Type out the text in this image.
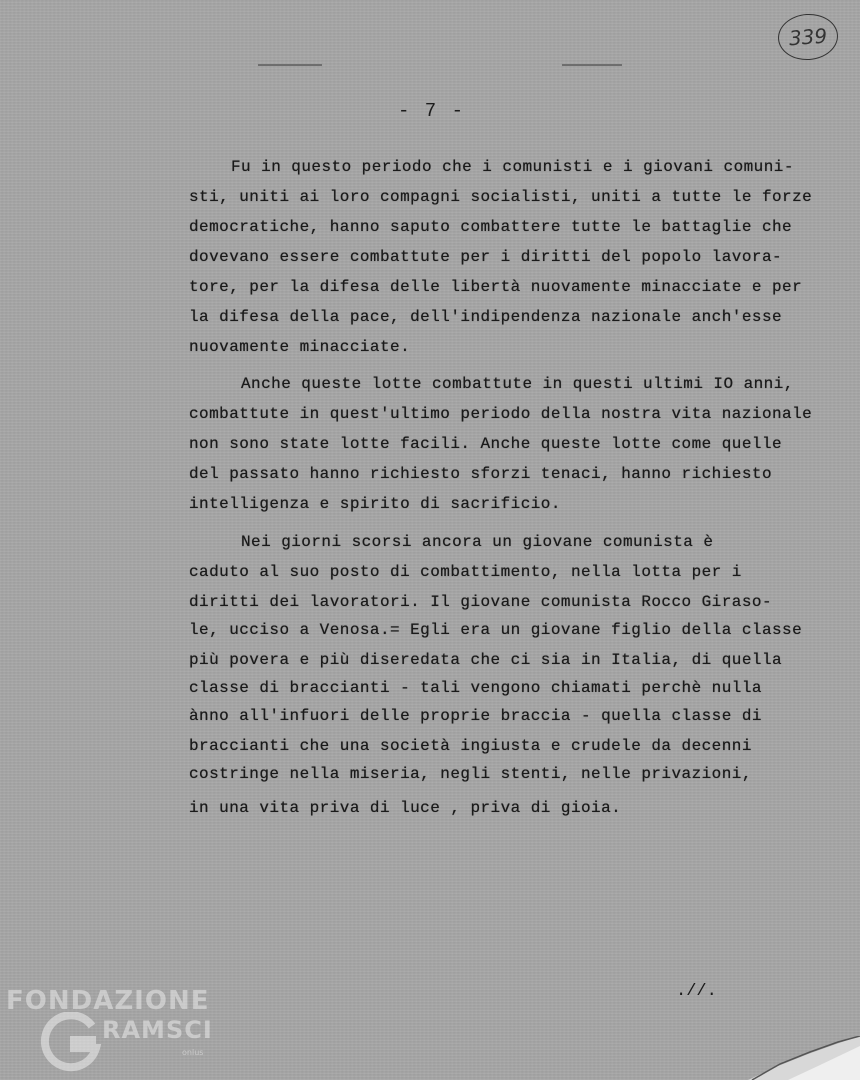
339
- 7 -
Fu in questo periodo che i comunisti e i giovani comuni-
sti, uniti ai loro compagni socialisti, uniti a tutte le forze
democratiche, hanno saputo combattere tutte le battaglie che
dovevano essere combattute per i diritti del popolo lavora-
tore, per la difesa delle libertà nuovamente minacciate e per
la difesa della pace, dell'indipendenza nazionale anch'esse
nuovamente minacciate.
Anche queste lotte combattute in questi ultimi IO anni,
combattute in quest'ultimo periodo della nostra vita nazionale
non sono state lotte facili. Anche queste lotte come quelle
del passato hanno richiesto sforzi tenaci, hanno richiesto
intelligenza e spirito di sacrificio.
Nei giorni scorsi ancora un giovane comunista è
caduto al suo posto di combattimento, nella lotta per i
diritti dei lavoratori. Il giovane comunista Rocco Giraso-
le, ucciso a Venosa.= Egli era un giovane figlio della classe
più povera e più diseredata che ci sia in Italia, di quella
classe di braccianti - tali vengono chiamati perchè nulla
ànno all'infuori delle proprie braccia - quella classe di
braccianti che una società ingiusta e crudele da decenni
costringe nella miseria, negli stenti, nelle privazioni,
in una vita priva di luce , priva di gioia.
.//.
FONDAZIONE
RAMSCI
onlus
